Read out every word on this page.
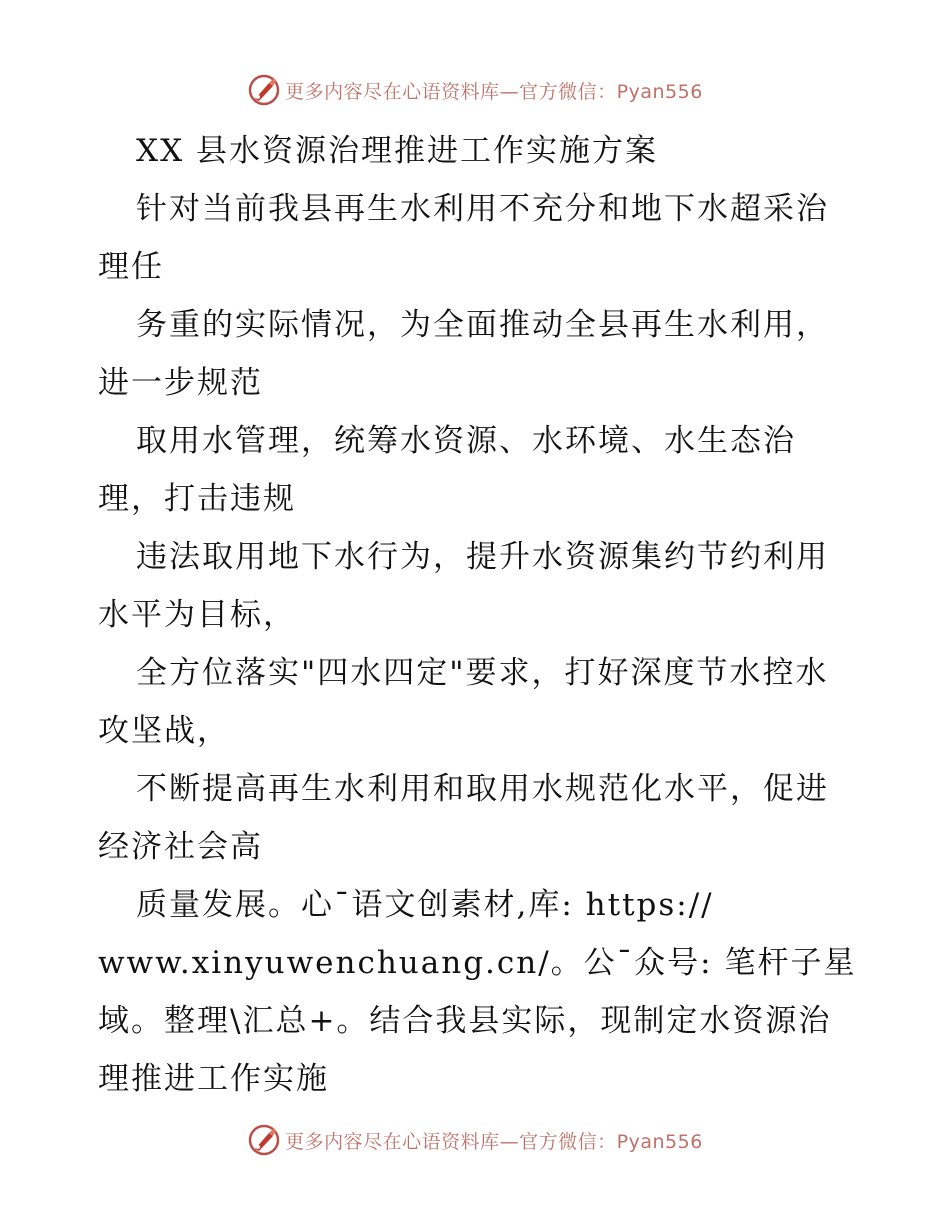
更多内容尽在心语资料库—官方微信：Pyan556
XX 县水资源治理推进工作实施方案
针对当前我县再生水利用不充分和地下水超采治
理任
务重的实际情况，为全面推动全县再生水利用，
进一步规范
取用水管理，统筹水资源、水环境、水生态治
理，打击违规
违法取用地下水行为，提升水资源集约节约利用
水平为目标，
全方位落实"四水四定"要求，打好深度节水控水
攻坚战，
不断提高再生水利用和取用水规范化水平，促进
经济社会高
质量发展。心¯语文创素材,库: https://
www.xinyuwenchuang.cn/。公¯众号: 笔杆子星
域。整理\汇总+。结合我县实际，现制定水资源治
理推进工作实施
更多内容尽在心语资料库—官方微信：Pyan556
